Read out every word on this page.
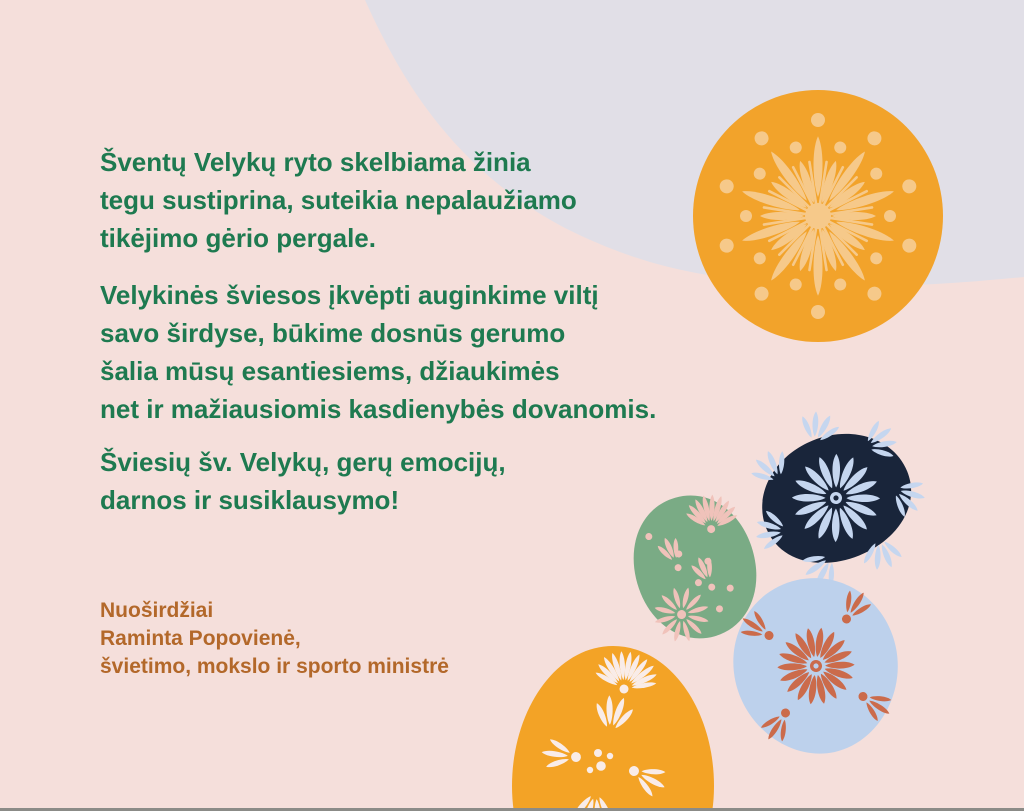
Šventų Velykų ryto skelbiama žinia
tegu sustiprina, suteikia nepalaužiamo
tikėjimo gėrio pergale.
Velykinės šviesos įkvėpti auginkime viltį
savo širdyse, būkime dosnūs gerumo
šalia mūsų esantiesiems, džiaukimės
net ir mažiausiomis kasdienybės dovanomis.
Šviesių šv. Velykų, gerų emocijų,
darnos ir susiklausymo!
Nuoširdžiai
Raminta Popovienė,
švietimo, mokslo ir sporto ministrė
